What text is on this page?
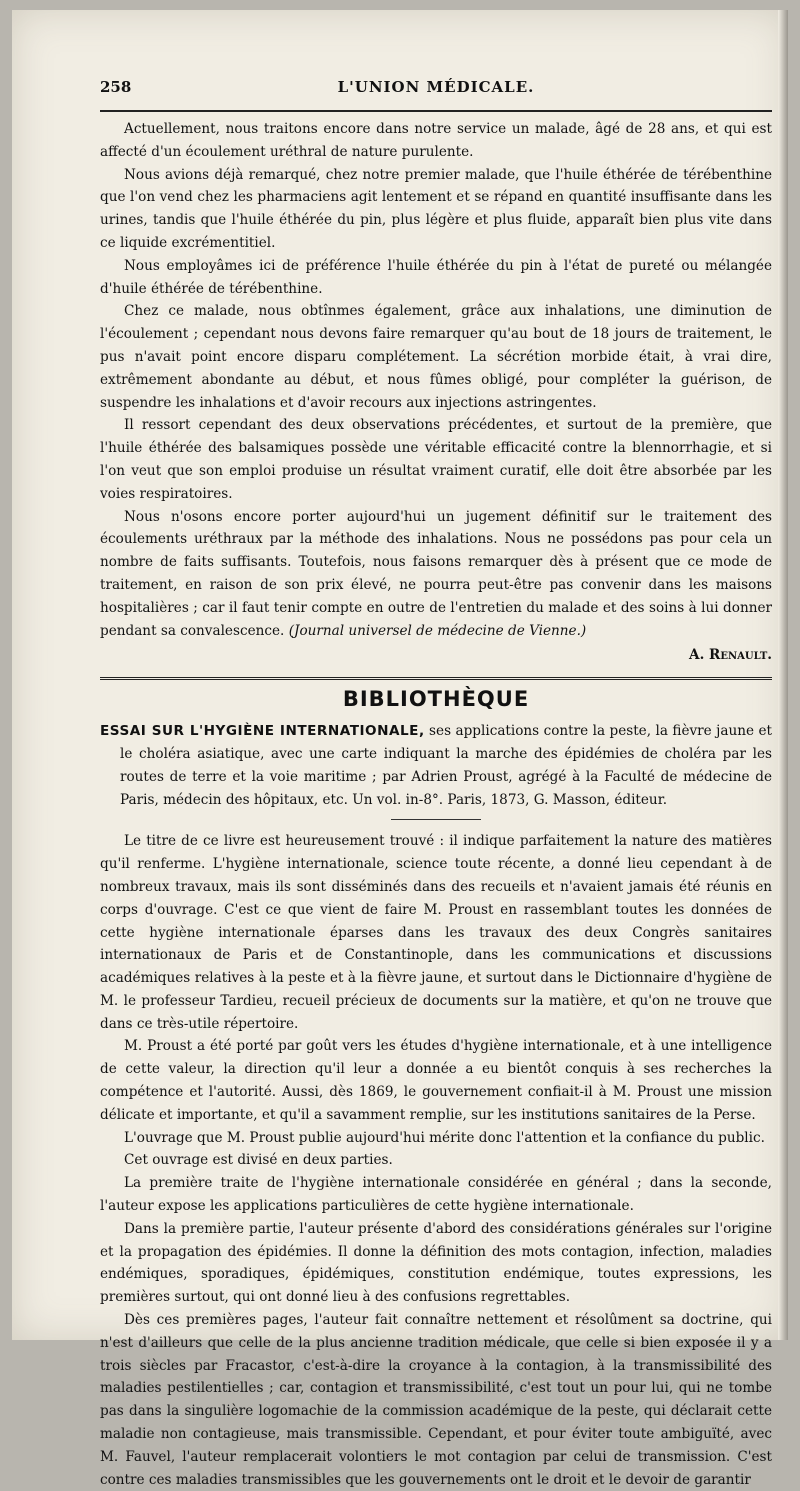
258	L'UNION MÉDICALE.

Actuellement, nous traitons encore dans notre service un malade, âgé de 28 ans, et qui est affecté d'un écoulement uréthral de nature purulente.

Nous avions déjà remarqué, chez notre premier malade, que l'huile éthérée de térébenthine que l'on vend chez les pharmaciens agit lentement et se répand en quantité insuffisante dans les urines, tandis que l'huile éthérée du pin, plus légère et plus fluide, apparaît bien plus vite dans ce liquide excrémentitiel.

Nous employâmes ici de préférence l'huile éthérée du pin à l'état de pureté ou mélangée d'huile éthérée de térébenthine.

Chez ce malade, nous obtînmes également, grâce aux inhalations, une diminution de l'écoulement ; cependant nous devons faire remarquer qu'au bout de 18 jours de traitement, le pus n'avait point encore disparu complétement. La sécrétion morbide était, à vrai dire, extrêmement abondante au début, et nous fûmes obligé, pour compléter la guérison, de suspendre les inhalations et d'avoir recours aux injections astringentes.

Il ressort cependant des deux observations précédentes, et surtout de la première, que l'huile éthérée des balsamiques possède une véritable efficacité contre la blennorrhagie, et si l'on veut que son emploi produise un résultat vraiment curatif, elle doit être absorbée par les voies respiratoires.

Nous n'osons encore porter aujourd'hui un jugement définitif sur le traitement des écoulements uréthraux par la méthode des inhalations. Nous ne possédons pas pour cela un nombre de faits suffisants. Toutefois, nous faisons remarquer dès à présent que ce mode de traitement, en raison de son prix élevé, ne pourra peut-être pas convenir dans les maisons hospitalières ; car il faut tenir compte en outre de l'entretien du malade et des soins à lui donner pendant sa convalescence. (Journal universel de médecine de Vienne.)

A. Renault.
BIBLIOTHÈQUE

ESSAI SUR L'HYGIÈNE INTERNATIONALE, ses applications contre la peste, la fièvre jaune et le choléra asiatique, avec une carte indiquant la marche des épidémies de choléra par les routes de terre et la voie maritime ; par Adrien Proust, agrégé à la Faculté de médecine de Paris, médecin des hôpitaux, etc. Un vol. in-8°. Paris, 1873, G. Masson, éditeur.

Le titre de ce livre est heureusement trouvé : il indique parfaitement la nature des matières qu'il renferme. L'hygiène internationale, science toute récente, a donné lieu cependant à de nombreux travaux, mais ils sont disséminés dans des recueils et n'avaient jamais été réunis en corps d'ouvrage. C'est ce que vient de faire M. Proust en rassemblant toutes les données de cette hygiène internationale éparses dans les travaux des deux Congrès sanitaires internationaux de Paris et de Constantinople, dans les communications et discussions académiques relatives à la peste et à la fièvre jaune, et surtout dans le Dictionnaire d'hygiène de M. le professeur Tardieu, recueil précieux de documents sur la matière, et qu'on ne trouve que dans ce très-utile répertoire.

M. Proust a été porté par goût vers les études d'hygiène internationale, et à une intelligence de cette valeur, la direction qu'il leur a donnée a eu bientôt conquis à ses recherches la compétence et l'autorité. Aussi, dès 1869, le gouvernement confiait-il à M. Proust une mission délicate et importante, et qu'il a savamment remplie, sur les institutions sanitaires de la Perse.

L'ouvrage que M. Proust publie aujourd'hui mérite donc l'attention et la confiance du public.

Cet ouvrage est divisé en deux parties.

La première traite de l'hygiène internationale considérée en général ; dans la seconde, l'auteur expose les applications particulières de cette hygiène internationale.

Dans la première partie, l'auteur présente d'abord des considérations générales sur l'origine et la propagation des épidémies. Il donne la définition des mots contagion, infection, maladies endémiques, sporadiques, épidémiques, constitution endémique, toutes expressions, les premières surtout, qui ont donné lieu à des confusions regrettables.

Dès ces premières pages, l'auteur fait connaître nettement et résolûment sa doctrine, qui n'est d'ailleurs que celle de la plus ancienne tradition médicale, que celle si bien exposée il y a trois siècles par Fracastor, c'est-à-dire la croyance à la contagion, à la transmissibilité des maladies pestilentielles ; car, contagion et transmissibilité, c'est tout un pour lui, qui ne tombe pas dans la singulière logomachie de la commission académique de la peste, qui déclarait cette maladie non contagieuse, mais transmissible. Cependant, et pour éviter toute ambiguïté, avec M. Fauvel, l'auteur remplacerait volontiers le mot contagion par celui de transmission. C'est contre ces maladies transmissibles que les gouvernements ont le droit et le devoir de garantir
